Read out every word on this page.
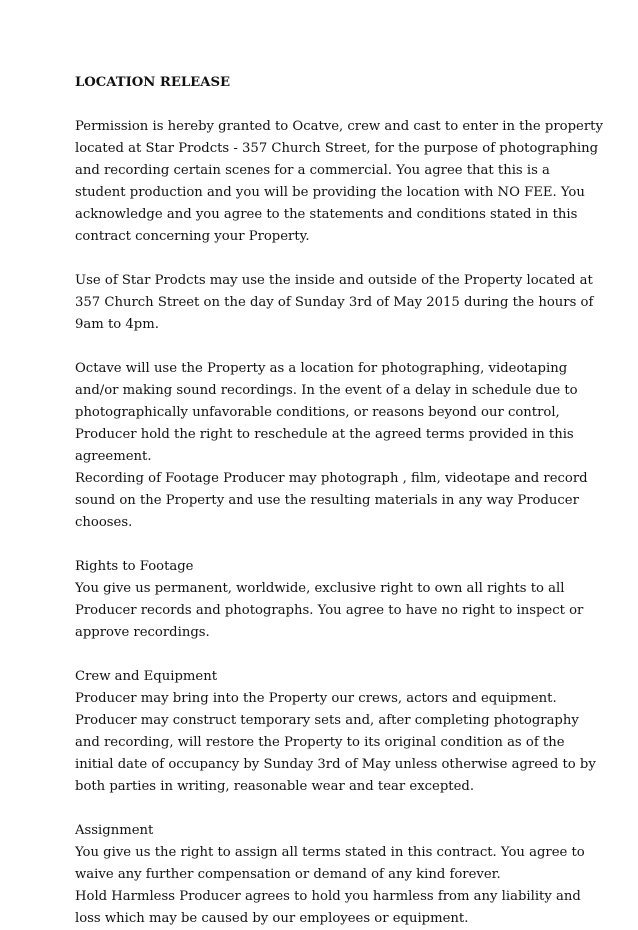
LOCATION RELEASE
Permission is hereby granted to Ocatve, crew and cast to enter in the property
located at Star Prodcts - 357 Church Street, for the purpose of photographing
and recording certain scenes for a commercial. You agree that this is a
student production and you will be providing the location with NO FEE. You
acknowledge and you agree to the statements and conditions stated in this
contract concerning your Property.
Use of Star Prodcts may use the inside and outside of the Property located at
357 Church Street on the day of Sunday 3rd of May 2015 during the hours of
9am to 4pm.
Octave will use the Property as a location for photographing, videotaping
and/or making sound recordings. In the event of a delay in schedule due to
photographically unfavorable conditions, or reasons beyond our control,
Producer hold the right to reschedule at the agreed terms provided in this
agreement.
Recording of Footage Producer may photograph , film, videotape and record
sound on the Property and use the resulting materials in any way Producer
chooses.
Rights to Footage
You give us permanent, worldwide, exclusive right to own all rights to all
Producer records and photographs. You agree to have no right to inspect or
approve recordings.
Crew and Equipment
Producer may bring into the Property our crews, actors and equipment.
Producer may construct temporary sets and, after completing photography
and recording, will restore the Property to its original condition as of the
initial date of occupancy by Sunday 3rd of May unless otherwise agreed to by
both parties in writing, reasonable wear and tear excepted.
Assignment
You give us the right to assign all terms stated in this contract. You agree to
waive any further compensation or demand of any kind forever.
Hold Harmless Producer agrees to hold you harmless from any liability and
loss which may be caused by our employees or equipment.
